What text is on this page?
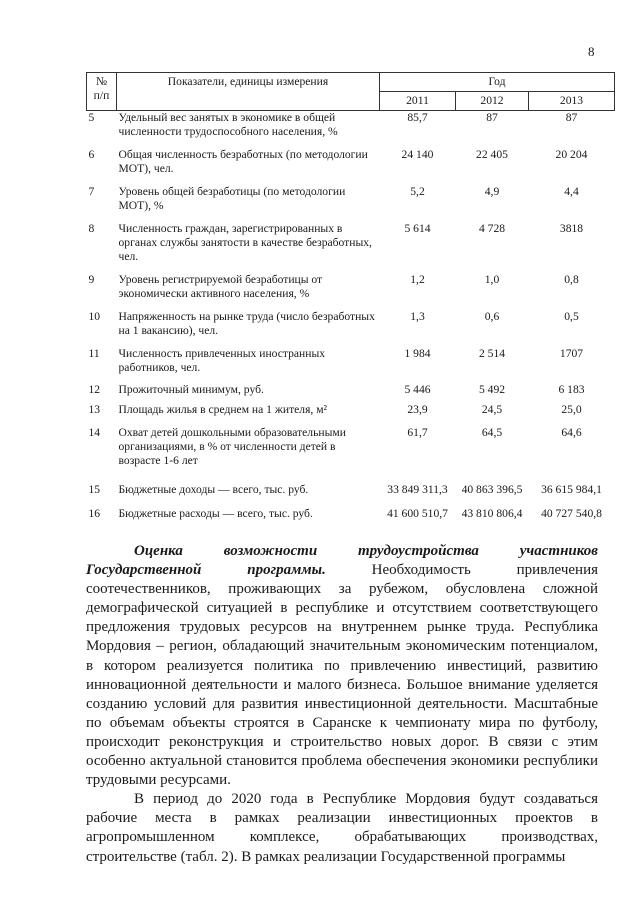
8
№ п/п	Показатели, единицы измерения	Год		
		2011	2012	2013
5	Удельный вес занятых в экономике в общей численности трудоспособного населения, %	85,7	87	87
6	Общая численность безработных (по методологии МОТ), чел.	24 140	22 405	20 204
7	Уровень общей безработицы (по методологии МОТ), %	5,2	4,9	4,4
8	Численность граждан, зарегистрированных в органах службы занятости в качестве безработных, чел.	5 614	4 728	3818
9	Уровень регистрируемой безработицы от экономически активного населения, %	1,2	1,0	0,8
10	Напряженность на рынке труда (число безработных на 1 вакансию), чел.	1,3	0,6	0,5
11	Численность привлеченных иностранных работников, чел.	1 984	2 514	1707
12	Прожиточный минимум, руб.	5 446	5 492	6 183
13	Площадь жилья в среднем на 1 жителя, м²	23,9	24,5	25,0
14	Охват детей дошкольными образовательными организациями, в % от численности детей в возрасте 1-6 лет	61,7	64,5	64,6
15	Бюджетные доходы — всего, тыс. руб.	33 849 311,3	40 863 396,5	36 615 984,1
16	Бюджетные расходы — всего, тыс. руб.	41 600 510,7	43 810 806,4	40 727 540,8

Оценка возможности трудоустройства участников Государственной программы.	Необходимость привлечения соотечественников, проживающих за рубежом, обусловлена сложной демографической ситуацией в республике и отсутствием соответствующего предложения трудовых ресурсов на внутреннем рынке труда. Республика Мордовия – регион, обладающий значительным экономическим потенциалом, в котором реализуется политика по привлечению инвестиций, развитию инновационной деятельности и малого бизнеса. Большое внимание уделяется созданию условий для развития инвестиционной деятельности. Масштабные по объемам объекты строятся в Саранске к чемпионату мира по футболу, происходит реконструкция и строительство новых дорог. В связи с этим особенно актуальной становится проблема обеспечения экономики республики трудовыми ресурсами.

В период до 2020 года в Республике Мордовия будут создаваться рабочие места в рамках реализации инвестиционных проектов в агропромышленном комплексе, обрабатывающих производствах, строительстве (табл. 2). В рамках реализации Государственной программы
